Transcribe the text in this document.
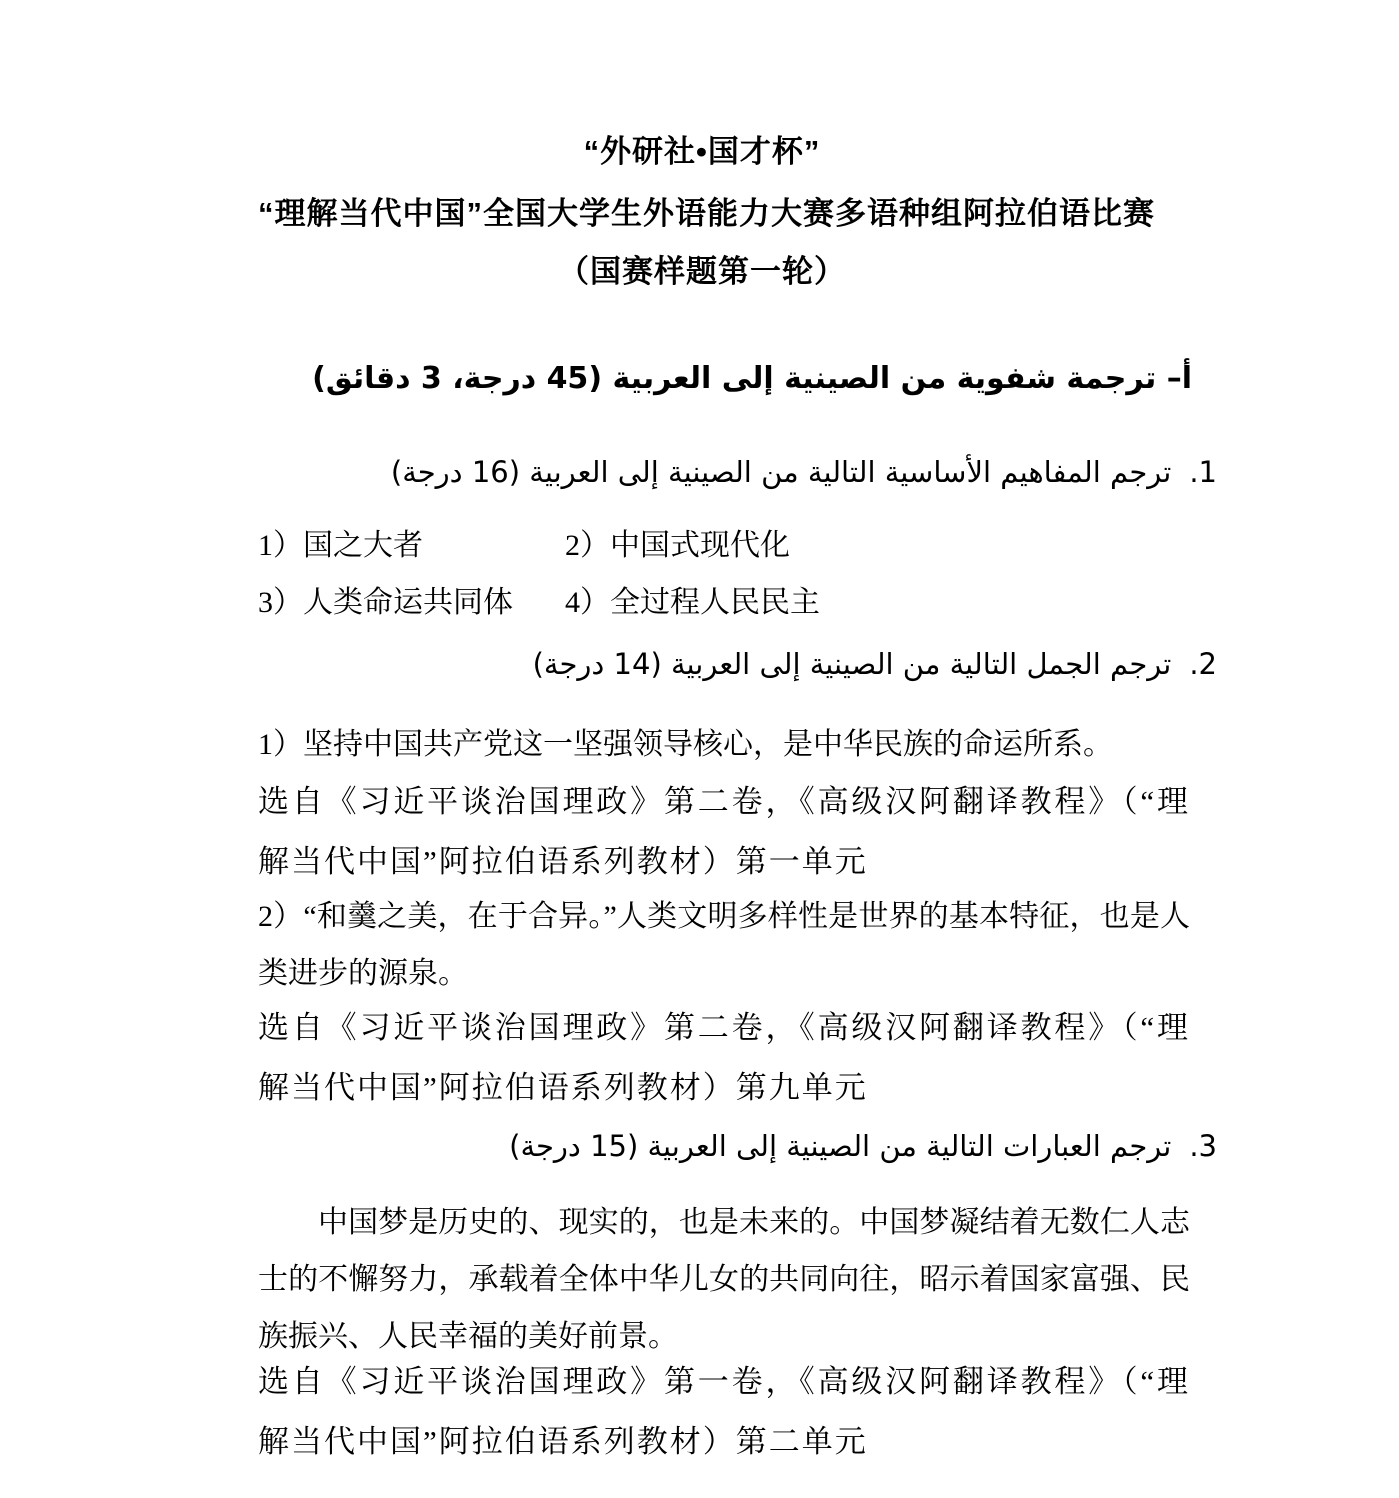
“外研社•国才杯”
“理解当代中国”全国大学生外语能力大赛多语种组阿拉伯语比赛
（国赛样题第一轮）
أ– ترجمة شفوية من الصينية إلى العربية (45 درجة، 3 دقائق)
1.ترجم المفاهيم الأساسية التالية من الصينية إلى العربية (16 درجة)
1）国之大者	2）中国式现代化
3）人类命运共同体 4）全过程人民民主
2.ترجم الجمل التالية من الصينية إلى العربية (14 درجة)

1）坚持中国共产党这一坚强领导核心，是中华民族的命运所系。

选自《习近平谈治国理政》第二卷，《高级汉阿翻译教程》（“理解当代中国”阿拉伯语系列教材）第一单元

2）“和羹之美，在于合异。”人类文明多样性是世界的基本特征，也是人类进步的源泉。

选自《习近平谈治国理政》第二卷，《高级汉阿翻译教程》（“理解当代中国”阿拉伯语系列教材）第九单元

3.ترجم العبارات التالية من الصينية إلى العربية (15 درجة)

中国梦是历史的、现实的，也是未来的。中国梦凝结着无数仁人志士的不懈努力，承载着全体中华儿女的共同向往，昭示着国家富强、民族振兴、人民幸福的美好前景。

选自《习近平谈治国理政》第一卷，《高级汉阿翻译教程》（“理解当代中国”阿拉伯语系列教材）第二单元
